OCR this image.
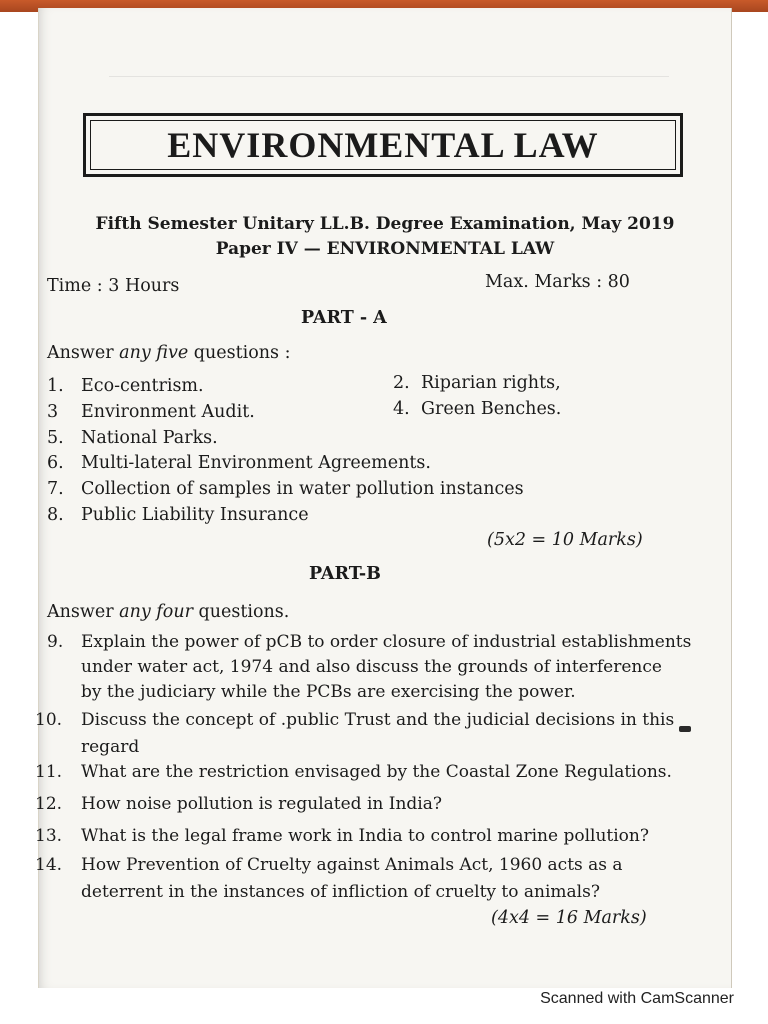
ENVIRONMENTAL LAW
Fifth Semester Unitary LL.B. Degree Examination, May 2019
Paper IV — ENVIRONMENTAL LAW
Time : 3 Hours	Max. Marks : 80
PART - A
Answer any five questions :
1. Eco-centrism.	2. Riparian rights,
3 Environment Audit.	4. Green Benches.
5. National Parks.
6. Multi-lateral Environment Agreements.
7. Collection of samples in water pollution instances
8. Public Liability Insurance
(5x2 = 10 Marks)
PART-B
Answer any four questions.
9. Explain the power of pCB to order closure of industrial establishments
under water act, 1974 and also discuss the grounds of interference
by the judiciary while the PCBs are exercising the power.
10. Discuss the concept of .public Trust and the judicial decisions in this
regard
11. What are the restriction envisaged by the Coastal Zone Regulations.
12. How noise pollution is regulated in India?
13. What is the legal frame work in India to control marine pollution?
14. How Prevention of Cruelty against Animals Act, 1960 acts as a
deterrent in the instances of infliction of cruelty to animals?
(4x4 = 16 Marks)
Scanned with CamScanner
